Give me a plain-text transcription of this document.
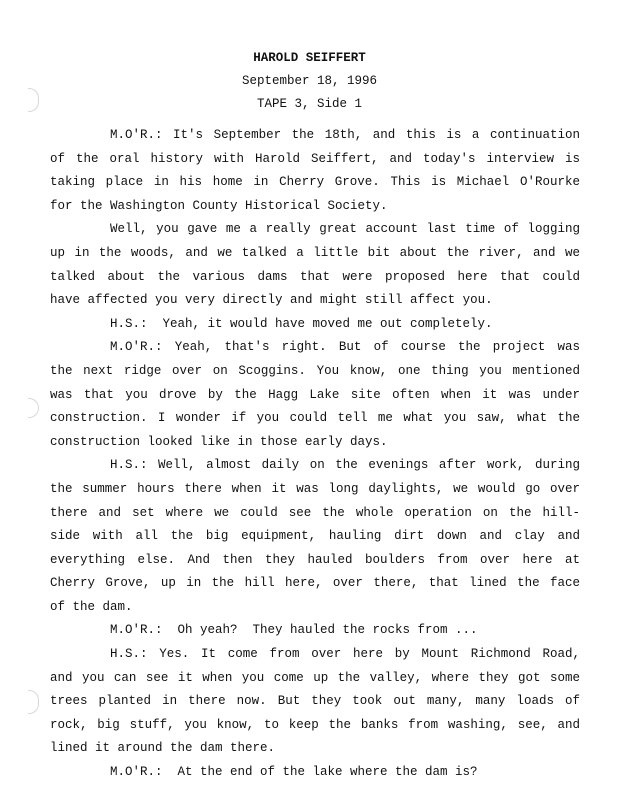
HAROLD SEIFFERT
September 18, 1996
TAPE 3, Side 1
M.O'R.: It's September the 18th, and this is a continuation
of the oral history with Harold Seiffert, and today's interview is
taking place in his home in Cherry Grove. This is Michael O'Rourke
for the Washington County Historical Society.
Well, you gave me a really great account last time of logging
up in the woods, and we talked a little bit about the river, and we
talked about the various dams that were proposed here that could
have affected you very directly and might still affect you.
H.S.:  Yeah, it would have moved me out completely.
M.O'R.: Yeah, that's right. But of course the project was
the next ridge over on Scoggins. You know, one thing you mentioned
was that you drove by the Hagg Lake site often when it was under
construction. I wonder if you could tell me what you saw, what the
construction looked like in those early days.
H.S.: Well, almost daily on the evenings after work, during
the summer hours there when it was long daylights, we would go over
there and set where we could see the whole operation on the hill-
side with all the big equipment, hauling dirt down and clay and
everything else. And then they hauled boulders from over here at
Cherry Grove, up in the hill here, over there, that lined the face
of the dam.
M.O'R.:  Oh yeah?  They hauled the rocks from ...
H.S.: Yes. It come from over here by Mount Richmond Road,
and you can see it when you come up the valley, where they got some
trees planted in there now. But they took out many, many loads of
rock, big stuff, you know, to keep the banks from washing, see, and
lined it around the dam there.
M.O'R.:  At the end of the lake where the dam is?
